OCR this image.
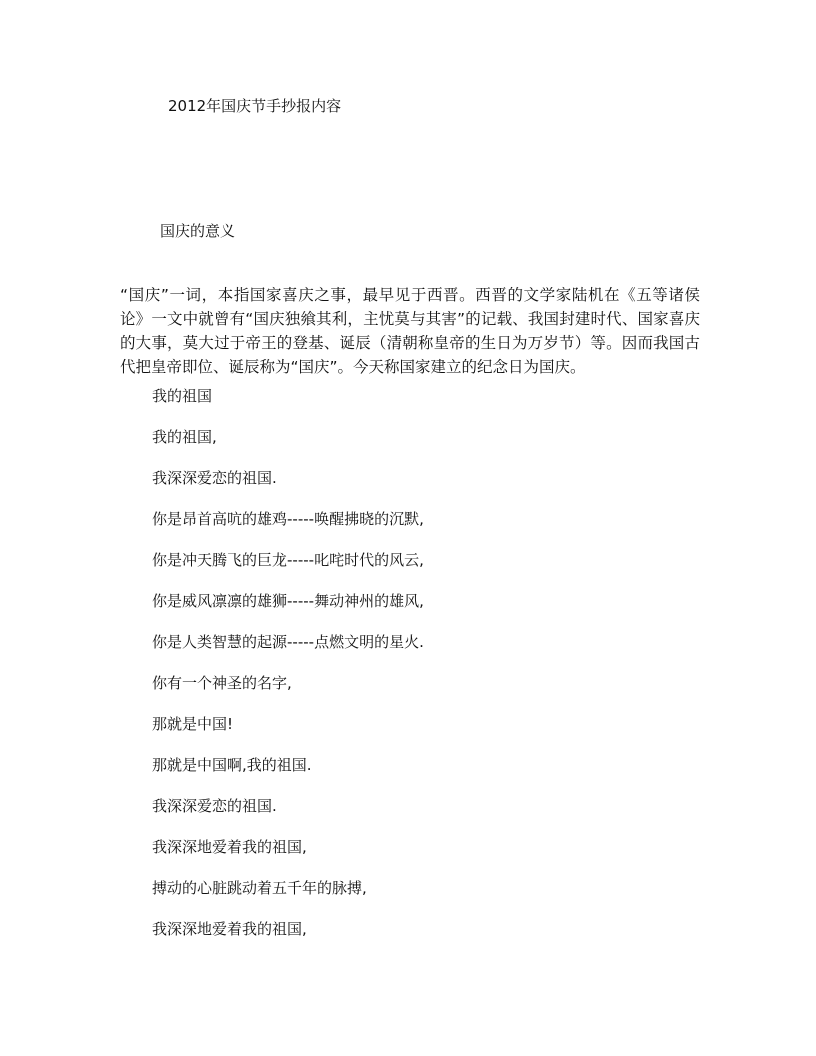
2012年国庆节手抄报内容
国庆的意义

“国庆”一词，本指国家喜庆之事，最早见于西晋。西晋的文学家陆机在《五等诸侯论》一文中就曾有“国庆独飨其利，主忧莫与其害”的记载、我国封建时代、国家喜庆的大事，莫大过于帝王的登基、诞辰（清朝称皇帝的生日为万岁节）等。因而我国古代把皇帝即位、诞辰称为“国庆”。今天称国家建立的纪念日为国庆。

我的祖国
我的祖国,
我深深爱恋的祖国.
你是昂首高吭的雄鸡-----唤醒拂晓的沉默,
你是冲天腾飞的巨龙-----叱咤时代的风云,
你是威风凛凛的雄狮-----舞动神州的雄风,
你是人类智慧的起源-----点燃文明的星火.
你有一个神圣的名字,
那就是中国!
那就是中国啊,我的祖国.
我深深爱恋的祖国.
我深深地爱着我的祖国,
搏动的心脏跳动着五千年的脉搏,
我深深地爱着我的祖国,
